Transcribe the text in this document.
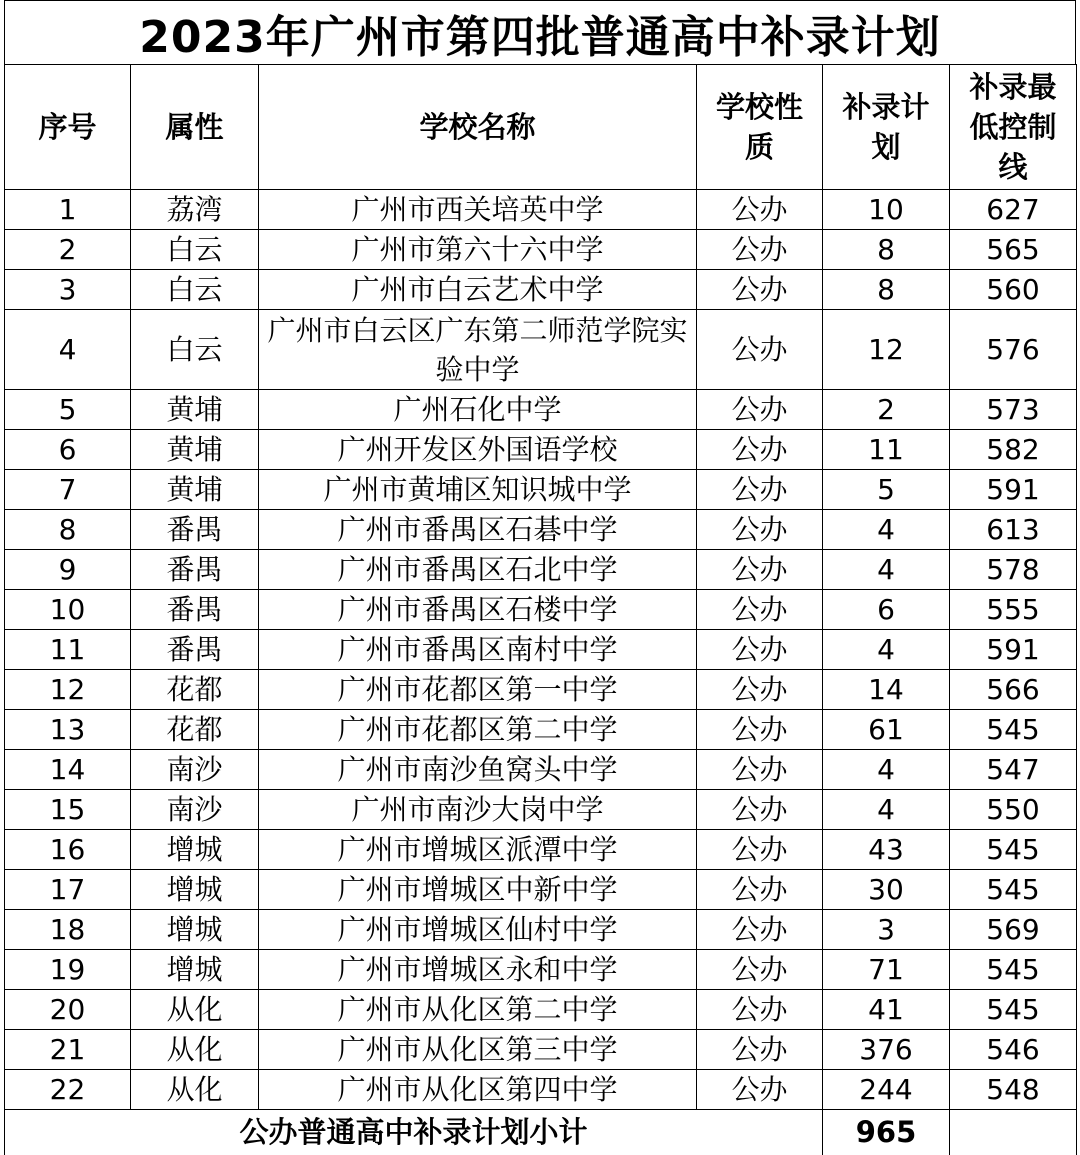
2023年广州市第四批普通高中补录计划
序号	属性	学校名称	学校性质	补录计划	补录最低控制线
1	荔湾	广州市西关培英中学	公办	10	627
2	白云	广州市第六十六中学	公办	8	565
3	白云	广州市白云艺术中学	公办	8	560
4	白云	广州市白云区广东第二师范学院实验中学	公办	12	576
5	黄埔	广州石化中学	公办	2	573
6	黄埔	广州开发区外国语学校	公办	11	582
7	黄埔	广州市黄埔区知识城中学	公办	5	591
8	番禺	广州市番禺区石碁中学	公办	4	613
9	番禺	广州市番禺区石北中学	公办	4	578
10	番禺	广州市番禺区石楼中学	公办	6	555
11	番禺	广州市番禺区南村中学	公办	4	591
12	花都	广州市花都区第一中学	公办	14	566
13	花都	广州市花都区第二中学	公办	61	545
14	南沙	广州市南沙鱼窝头中学	公办	4	547
15	南沙	广州市南沙大岗中学	公办	4	550
16	增城	广州市增城区派潭中学	公办	43	545
17	增城	广州市增城区中新中学	公办	30	545
18	增城	广州市增城区仙村中学	公办	3	569
19	增城	广州市增城区永和中学	公办	71	545
20	从化	广州市从化区第二中学	公办	41	545
21	从化	广州市从化区第三中学	公办	376	546
22	从化	广州市从化区第四中学	公办	244	548
公办普通高中补录计划小计				965	
